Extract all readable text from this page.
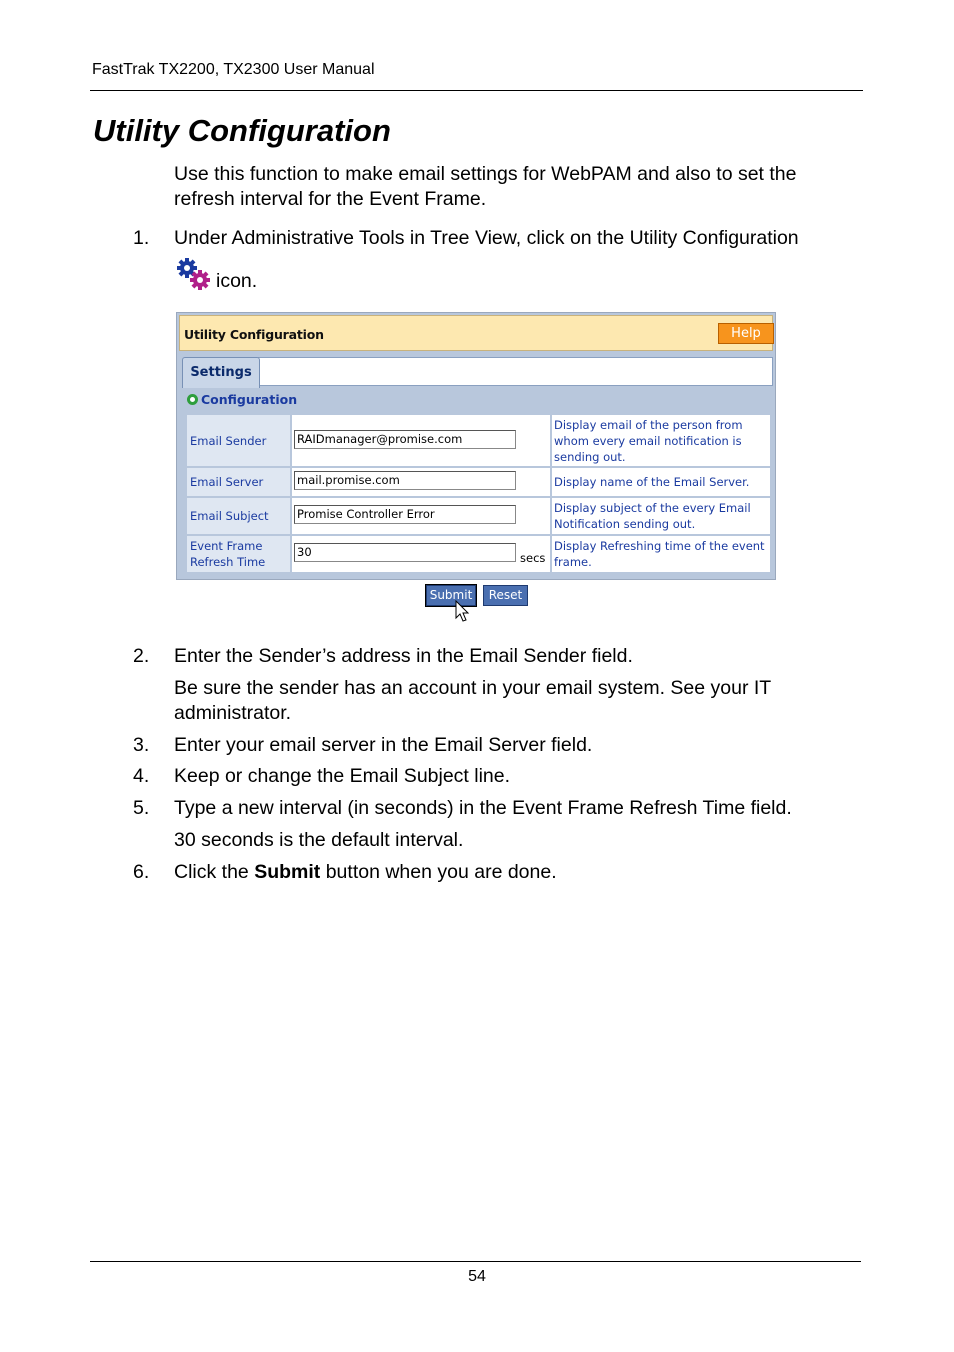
FastTrak TX2200, TX2300 User Manual
Utility Configuration
Use this function to make email settings for WebPAM and also to set the refresh interval for the Event Frame.
1. Under Administrative Tools in Tree View, click on the Utility Configuration
icon.
Utility Configuration	Help
Settings
Configuration
Email Sender	RAIDmanager@promise.com	Display email of the person from whom every email notification is sending out.
Email Server	mail.promise.com	Display name of the Email Server.
Email Subject	Promise Controller Error	Display subject of the every Email Notification sending out.
Event Frame Refresh Time	30 secs	Display Refreshing time of the event frame.
Submit	Reset
2. Enter the Sender’s address in the Email Sender field.
Be sure the sender has an account in your email system. See your IT administrator.
3. Enter your email server in the Email Server field.
4. Keep or change the Email Subject line.
5. Type a new interval (in seconds) in the Event Frame Refresh Time field.
30 seconds is the default interval.
6. Click the Submit button when you are done.
54
